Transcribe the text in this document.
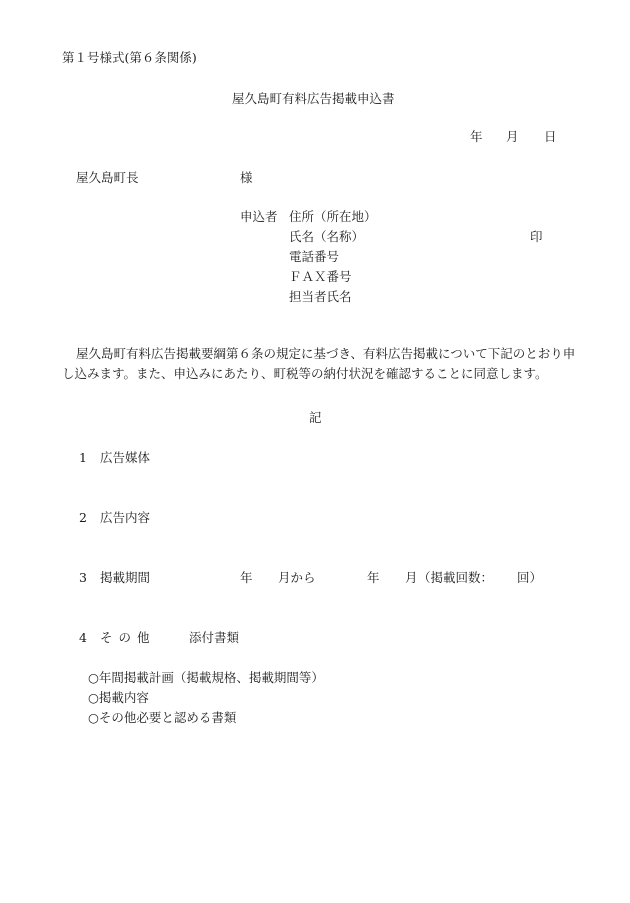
第１号様式(第６条関係)
屋久島町有料広告掲載申込書
年 月 日
屋久島町長	様
申込者 住所（所在地）
氏名（名称）	印
電話番号
ＦＡＸ番号
担当者氏名
屋久島町有料広告掲載要綱第６条の規定に基づき、有料広告掲載について下記のとおり申し込みます。また、申込みにあたり、町税等の納付状況を確認することに同意します。
記
1 広告媒体
2 広告内容
3 掲載期間	年 月から	年 月 （掲載回数： 回）
4 そ の 他	添付書類
○年間掲載計画（掲載規格、掲載期間等）
○掲載内容
○その他必要と認める書類
